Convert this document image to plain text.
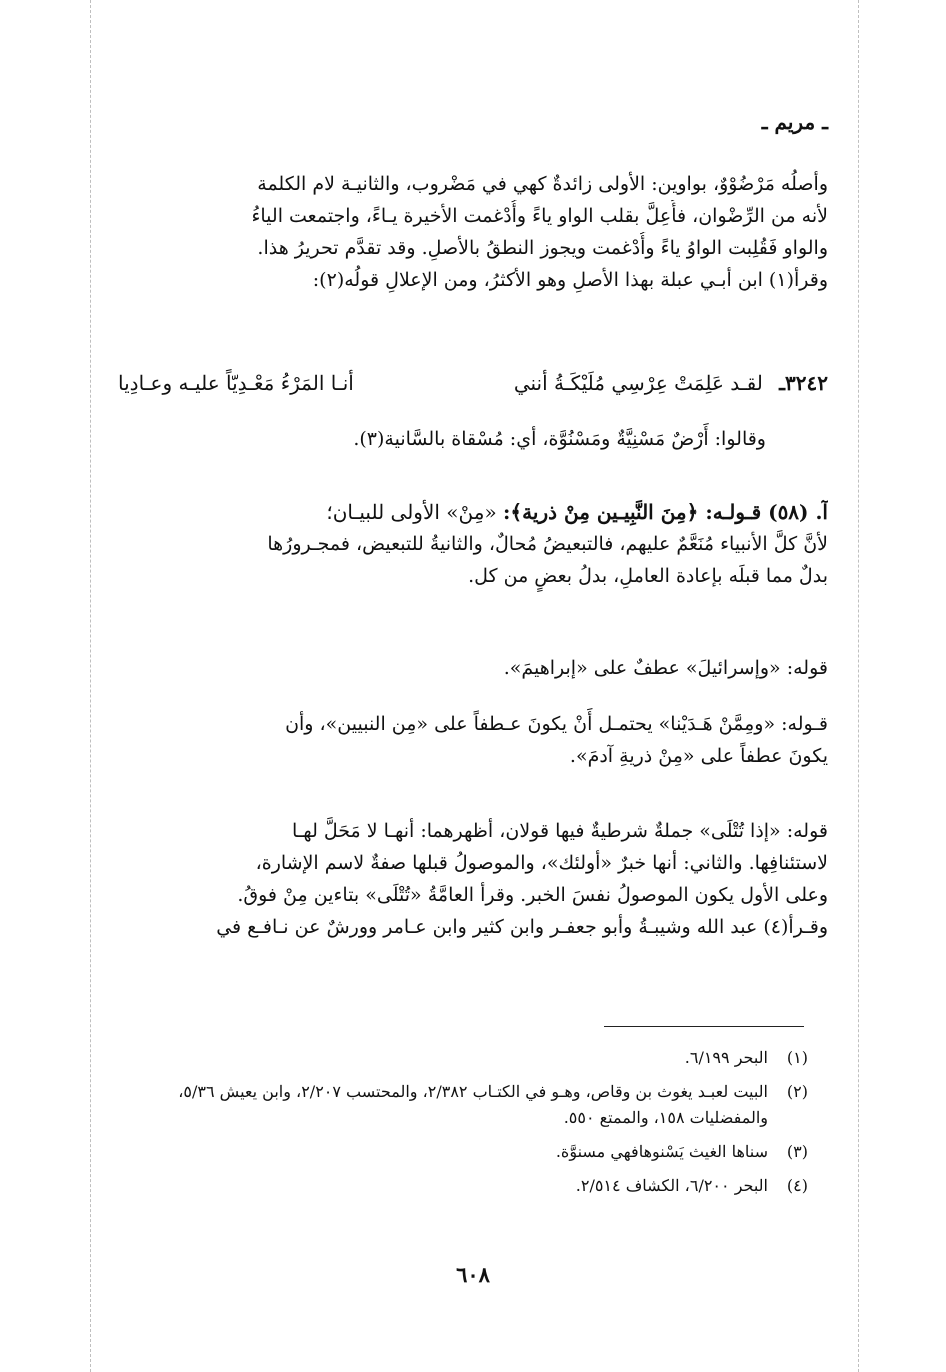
ـ مريم ـ
وأصلُه مَرْضُوْوٌ، بواوين: الأولى زائدةٌ كهي في مَضْروب، والثانيـة لام الكلمة
لأنه من الرِّضْوان، فأُعِلَّ بقلب الواو ياءً وأُدْغمت الأخيرة يـاءً، واجتمعت الياءُ
والواو فَقُلِبت الواوُ ياءً وأُدْغمت ويجوز النطقُ بالأصلِ. وقد تقدَّم تحريرُ هذا.
وقرأ(١) ابن أبـي عبلة بهذا الأصلِ وهو الأكثرُ، ومن الإعلالِ قولُه(٢):
٣٢٤٢ـ لقـد عَلِمَتْ عِرْسِي مُلَيْكَـةُ أنني
أنـا المَرْءُ مَعْـدِيّاً عليـه وعـادِيا
وقالوا: أَرْضٌ مَسْنِيَّةٌ ومَسْنُوَّة، أي: مُسْقاة بالسَّانية(٣).
آ. (٥٨) قـولـه: ﴿مِنَ النَّبِيـين مِنْ ذرية﴾: «مِنْ» الأولى للبيـان؛
لأنَّ كلَّ الأنبياء مُنَعَّمٌ عليهم، فالتبعيضُ مُحالٌ، والثانيةُ للتبعيض، فمجـرورُها
بدلٌ مما قبلَه بإعادة العاملِ، بدلُ بعضٍ من كل.
قوله: «وإسرائيلَ» عطفٌ على «إبراهيمَ».
قـوله: «ومِمَّنْ هَـدَيْنا» يحتمـل أَنْ يكونَ عـطفاً على «مِن النبيين»، وأن
يكونَ عطفاً على «مِنْ ذريةِ آدمَ».
قوله: «إذا تُتْلَى» جملةٌ شرطيةٌ فيها قولان، أظهرهما: أنهـا لا مَحَلَّ لهـا
لاستئنافِها. والثاني: أنها خبرٌ «أولئك»، والموصولُ قبلها صفةٌ لاسم الإشارة،
وعلى الأول يكون الموصولُ نفسَ الخبر. وقرأ العامَّةُ «تُتْلَى» بتاءين مِنْ فوقُ.
وقـرأ(٤) عبد الله وشيبـةُ وأبو جعفـر وابن كثير وابن عـامر وورشٌ عن نـافـع في
(١)
البحر ٦/١٩٩.
(٢)
البيت لعبـد يغوث بن وقاص، وهـو في الكتـاب ٢/٣٨٢، والمحتسب ٢/٢٠٧، وابن يعيش ٥/٣٦، والمفضليات ١٥٨، والممتع ٥٥٠.
(٣)
سناها الغيث يَسْنوهافهي مسنوَّة.
(٤)
البحر ٦/٢٠٠، الكشاف ٢/٥١٤.
٦٠٨
